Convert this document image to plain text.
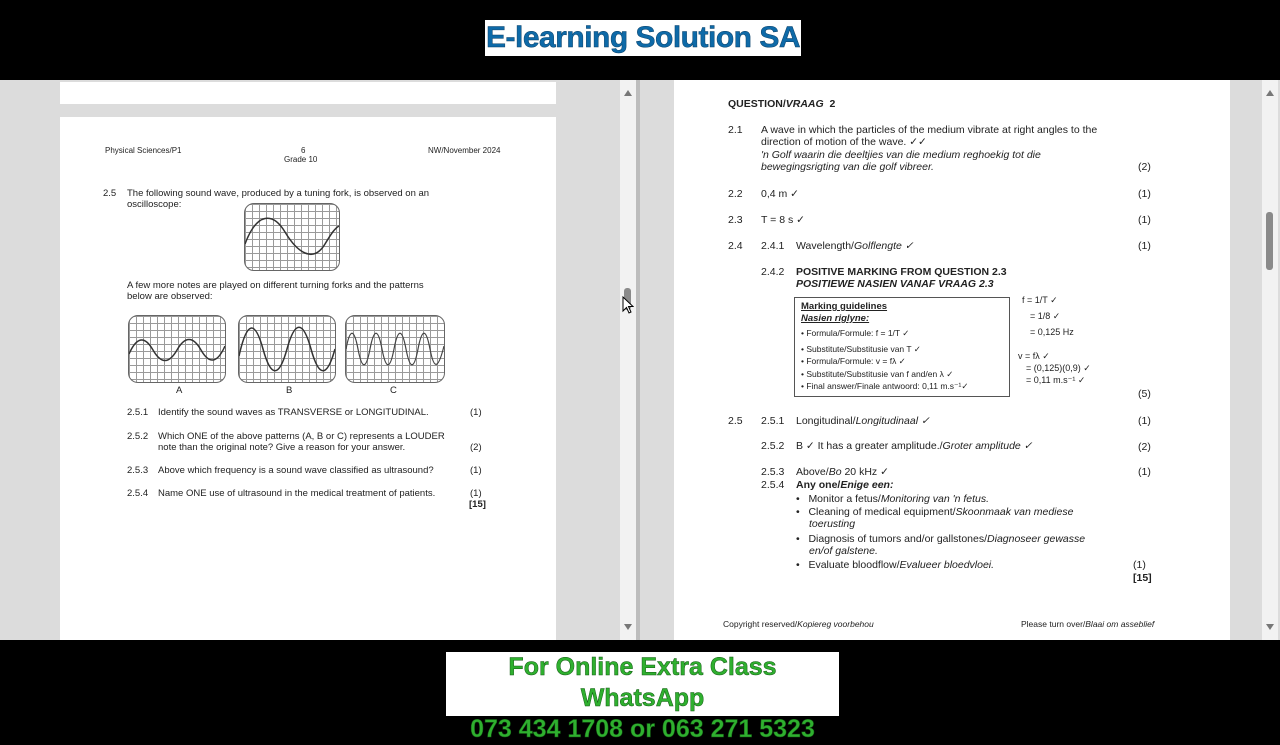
E-learning Solution SA
Physical Sciences/P1	6
Grade 10
NW/November 2024
2.5 The following sound wave, produced by a tuning fork, is observed on an
oscilloscope:
A few more notes are played on different turning forks and the patterns
below are observed:
A	B	C
2.5.1 Identify the sound waves as TRANSVERSE or LONGITUDINAL.	(1)
2.5.2 Which ONE of the above patterns (A, B or C) represents a LOUDER
note than the original note? Give a reason for your answer.	(2)
2.5.3 Above which frequency is a sound wave classified as ultrasound?	(1)
2.5.4 Name ONE use of ultrasound in the medical treatment of patients.	(1)
[15]
QUESTION/VRAAG 2
2.1 A wave in which the particles of the medium vibrate at right angles to the
direction of motion of the wave. ✓✓
'n Golf waarin die deeltjies van die medium reghoekig tot die
bewegingsrigting van die golf vibreer.	(2)
2.2 0,4 m ✓	(1)
2.3 T = 8 s ✓	(1)
2.4 2.4.1 Wavelength/Golflengte ✓	(1)
2.4.2 POSITIVE MARKING FROM QUESTION 2.3
POSITIEWE NASIEN VANAF VRAAG 2.3
Marking guidelines
Nasien riglyne:
• Formula/Formule: f = 1/T ✓
• Substitute/Substitusie van T ✓
• Formula/Formule: v = fλ ✓
• Substitute/Substitusie van f and/en λ ✓
• Final answer/Finale antwoord: 0,11 m.s⁻¹✓
f = 1/T ✓
= 1/8 ✓
= 0,125 Hz
v = fλ ✓
= (0,125)(0,9) ✓
= 0,11 m.s⁻¹ ✓
(5)
2.5 2.5.1 Longitudinal/Longitudinaal ✓	(1)
2.5.2 B ✓ It has a greater amplitude./Groter amplitude ✓	(2)
2.5.3 Above/Bo 20 kHz ✓	(1)
2.5.4 Any one/Enige een:
•   Monitor a fetus/Monitoring van 'n fetus.
•   Cleaning of medical equipment/Skoonmaak van mediese
toerusting
•   Diagnosis of tumors and/or gallstones/Diagnoseer gewasse
en/of galstene.
•   Evaluate bloodflow/Evalueer bloedvloei.	(1)
[15]
Copyright reserved/Kopiereg voorbehou	Please turn over/Blaai om asseblief
For Online Extra Class WhatsApp
073 434 1708 or 063 271 5323
